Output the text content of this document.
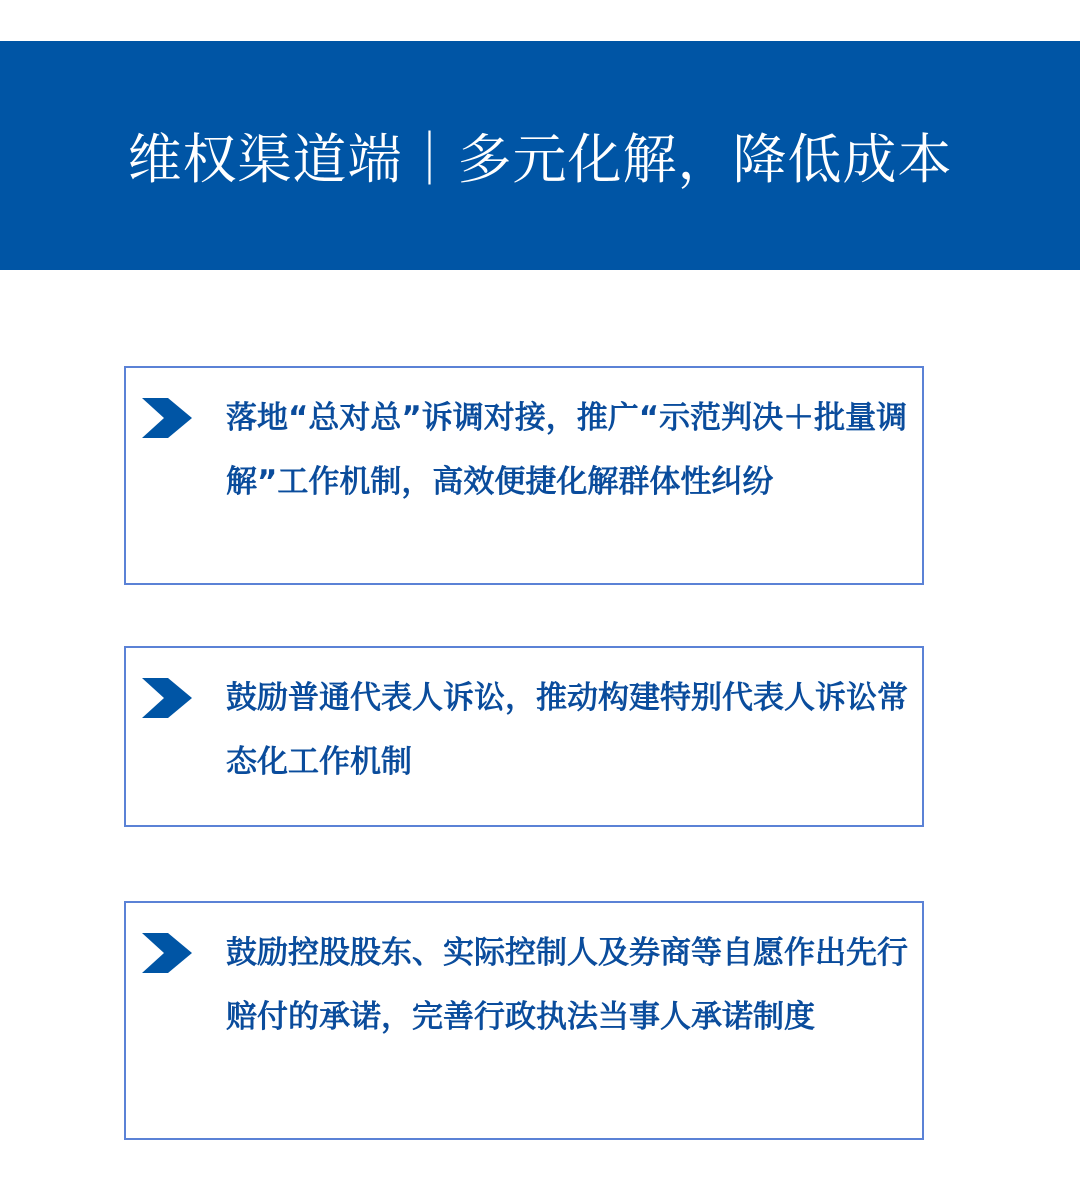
维权渠道端｜多元化解，降低成本

落地“总对总”诉调对接，推广“示范判决＋批量调解”工作机制，高效便捷化解群体性纠纷

鼓励普通代表人诉讼，推动构建特别代表人诉讼常态化工作机制

鼓励控股股东、实际控制人及券商等自愿作出先行赔付的承诺，完善行政执法当事人承诺制度
